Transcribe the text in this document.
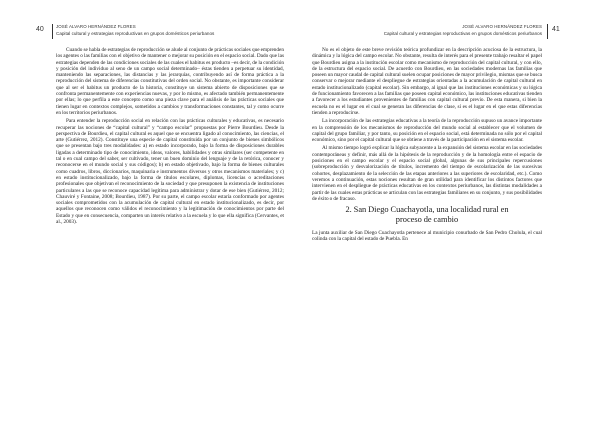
40	JOSÉ ALVARO HERNÁNDEZ FLORES
Capital cultural y estrategias reproductivas en grupos domésticos periurbanos

Cuando se habla de estrategias de reproducción se alude al conjunto de prácticas sociales que emprenden los agentes o las familias con el objetivo de mantener o mejorar su posición en el espacio social. Dado que las estrategias dependen de las condiciones sociales de las cuales el habitus es producto –es decir, de la condición y posición del individuo al seno de un campo social determinado– éstas tienden a perpetuar su identidad, manteniendo las separaciones, las distancias y las jerarquías, contribuyendo así de forma práctica a la reproducción del sistema de diferencias constitutivas del orden social. No obstante, es importante considerar que al ser el habitus un producto de la historia, constituye un sistema abierto de disposiciones que se confronta permanentemente con experiencias nuevas, y por lo mismo, es afectado también permanentemente por ellas; lo que perfila a este concepto como una pieza clave para el análisis de las prácticas sociales que tienen lugar en contextos complejos, sometidos a cambios y transformaciones constantes, tal y como ocurre en los territorios periurbanos.

Para entender la reproducción social en relación con las prácticas culturales y educativas, es necesario recuperar las nociones de “capital cultural” y “campo escolar” propuestas por Pierre Bourdieu. Desde la perspectiva de Bourdieu, el capital cultural es aquel que se encuentra ligado al conocimiento, las ciencias, el arte (Gutiérrez, 2012). Constituye una especie de capital constituida por un conjunto de bienes simbólicos que se presentan bajo tres modalidades: a) en estado incorporado, bajo la forma de disposiciones durables ligadas a determinado tipo de conocimiento, ideas, valores, habilidades y otras similares (ser competente en tal o en cual campo del saber, ser cultivado, tener un buen dominio del lenguaje y de la retórica, conocer y reconocerse en el mundo social y sus códigos); b) en estado objetivado, bajo la forma de bienes culturales como cuadros, libros, diccionarios, maquinaria e instrumentos diversos y otros mecanismos materiales; y c) en estado institucionalizado, bajo la forma de títulos escolares, diplomas, licencias o acreditaciones profesionales que objetivan el reconocimiento de la sociedad y que presuponen la existencia de instituciones particulares a las que se reconoce capacidad legítima para administrar y dotar de ese bien (Gutiérrez, 2012; Chauviré y Fontaine, 2008; Bourdieu, 1987). Por su parte, el campo escolar estaría conformado por agentes sociales comprometidos con la acumulación de capital cultural en estado institucionalizado, es decir, por aquellos que reconocen como válidos el reconocimiento y la legitimación de conocimientos por parte del Estado y que en consecuencia, comparten un interés relativo a la escuela y lo que ella significa (Cervantes, et al., 2003).

JOSÉ ALVARO HERNÁNDEZ FLORES
Capital cultural y estrategias reproductivas en grupos domésticos periurbanos
41

No es el objeto de este breve revisión teórica profundizar en la descripción acuciosa de la estructura, la dinámica y la lógica del campo escolar. No obstante, resulta de interés para el presente trabajo resaltar el papel que Bourdieu asigna a la institución escolar como mecanismo de reproducción del capital cultural, y con ello, de la estructura del espacio social. De acuerdo con Bourdieu, en las sociedades modernas las familias que poseen un mayor caudal de capital cultural suelen ocupar posiciones de mayor privilegio, mismas que se busca conservar o mejorar mediante el despliegue de estrategias orientadas a la acumulación de capital cultural en estado institucionalizado (capital escolar). Sin embargo, al igual que las instituciones económicas y su lógica de funcionamiento favorecen a las familias que poseen capital económico, las instituciones educativas tienden a favorecer a los estudiantes provenientes de familias con capital cultural previo. De esta manera, si bien la escuela no es el lugar en el cual se generan las diferencias de clase, sí es el lugar en el que estas diferencias tienden a reproducirse.

La incorporación de las estrategias educativas a la teoría de la reproducción supuso un avance importante en la comprensión de los mecanismos de reproducción del mundo social al establecer que el volumen de capital del grupo familiar, y por tanto, su posición en el espacio social, está determinada no sólo por el capital económico, sino por el capital cultural que se obtiene a través de la participación en el sistema escolar.

Al mismo tiempo logró explicar la lógica subyacente a la expansión del sistema escolar en las sociedades contemporáneas y definir, más allá de la hipótesis de la reproducción y de la homología entre el espacio de posiciones en el campo escolar y el espacio social global, algunas de sus principales repercusiones (sobreproducción y desvalorización de títulos, incremento del tiempo de escolarización de las sucesivas cohortes, desplazamiento de la selección de las etapas anteriores a las superiores de escolaridad, etc.). Como veremos a continuación, estas nociones resultan de gran utilidad para identificar los distintos factores que intervienen en el despliegue de prácticas educativas en los contextos periurbanos, las distintas modalidades a partir de las cuales estas prácticas se articulan con las estrategias familiares en su conjunto, y sus posibilidades de éxito o de fracaso.

2. San Diego Cuachayotla, una localidad rural en
proceso de cambio

La junta auxiliar de San Diego Cuachayotla pertenece al municipio conurbado de San Pedro Cholula, el cual colinda con la capital del estado de Puebla. En
